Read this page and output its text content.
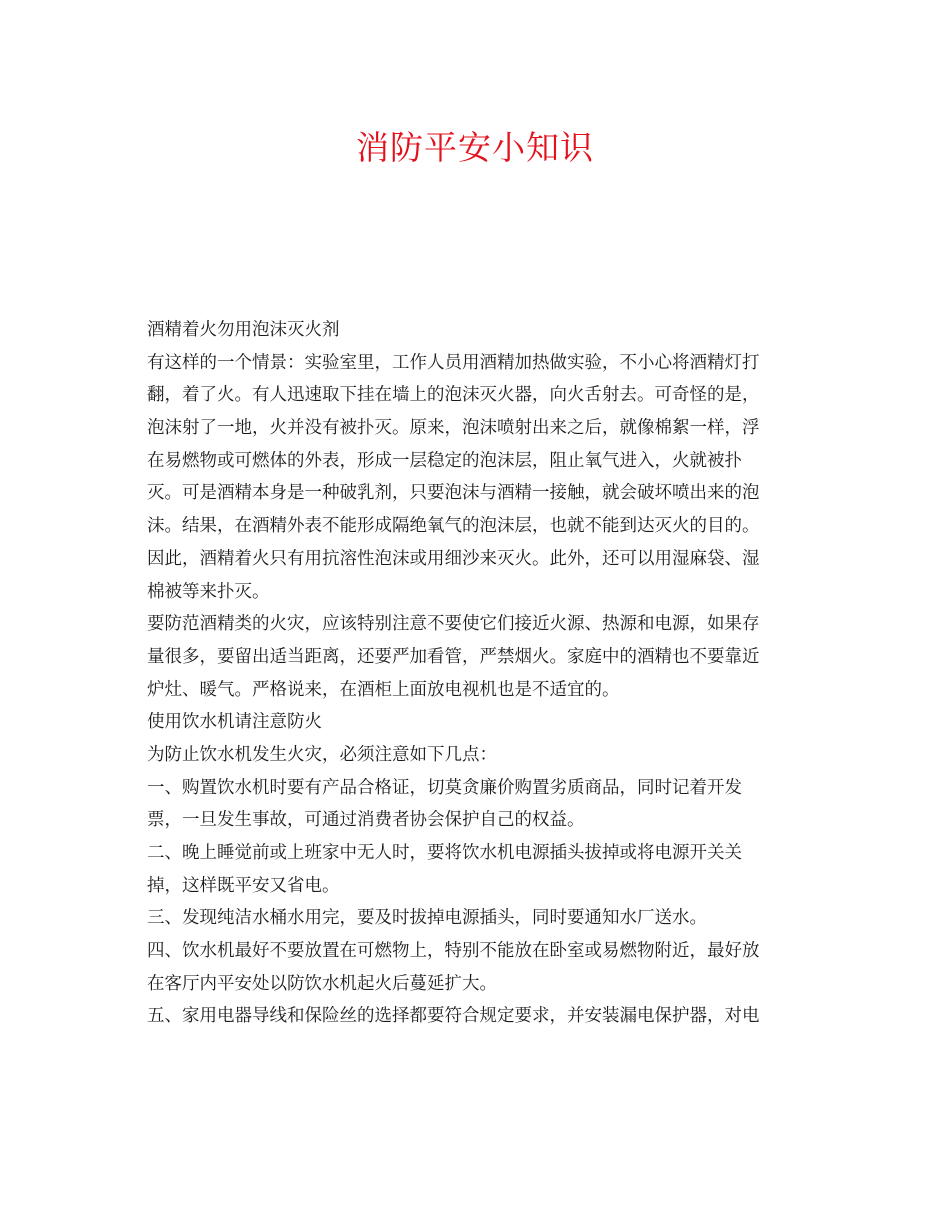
消防平安小知识
酒精着火勿用泡沫灭火剂
有这样的一个情景：实验室里，工作人员用酒精加热做实验，不小心将酒精灯打
翻，着了火。有人迅速取下挂在墙上的泡沫灭火器，向火舌射去。可奇怪的是，
泡沫射了一地，火并没有被扑灭。原来，泡沫喷射出来之后，就像棉絮一样，浮
在易燃物或可燃体的外表，形成一层稳定的泡沫层，阻止氧气进入，火就被扑
灭。可是酒精本身是一种破乳剂，只要泡沫与酒精一接触，就会破坏喷出来的泡
沫。结果，在酒精外表不能形成隔绝氧气的泡沫层，也就不能到达灭火的目的。
因此，酒精着火只有用抗溶性泡沫或用细沙来灭火。此外，还可以用湿麻袋、湿
棉被等来扑灭。
要防范酒精类的火灾，应该特别注意不要使它们接近火源、热源和电源，如果存
量很多，要留出适当距离，还要严加看管，严禁烟火。家庭中的酒精也不要靠近
炉灶、暖气。严格说来，在酒柜上面放电视机也是不适宜的。
使用饮水机请注意防火
为防止饮水机发生火灾，必须注意如下几点：
一、购置饮水机时要有产品合格证，切莫贪廉价购置劣质商品，同时记着开发
票，一旦发生事故，可通过消费者协会保护自己的权益。
二、晚上睡觉前或上班家中无人时，要将饮水机电源插头拔掉或将电源开关关
掉，这样既平安又省电。
三、发现纯洁水桶水用完，要及时拔掉电源插头，同时要通知水厂送水。
四、饮水机最好不要放置在可燃物上，特别不能放在卧室或易燃物附近，最好放
在客厅内平安处以防饮水机起火后蔓延扩大。
五、家用电器导线和保险丝的选择都要符合规定要求，并安装漏电保护器，对电
